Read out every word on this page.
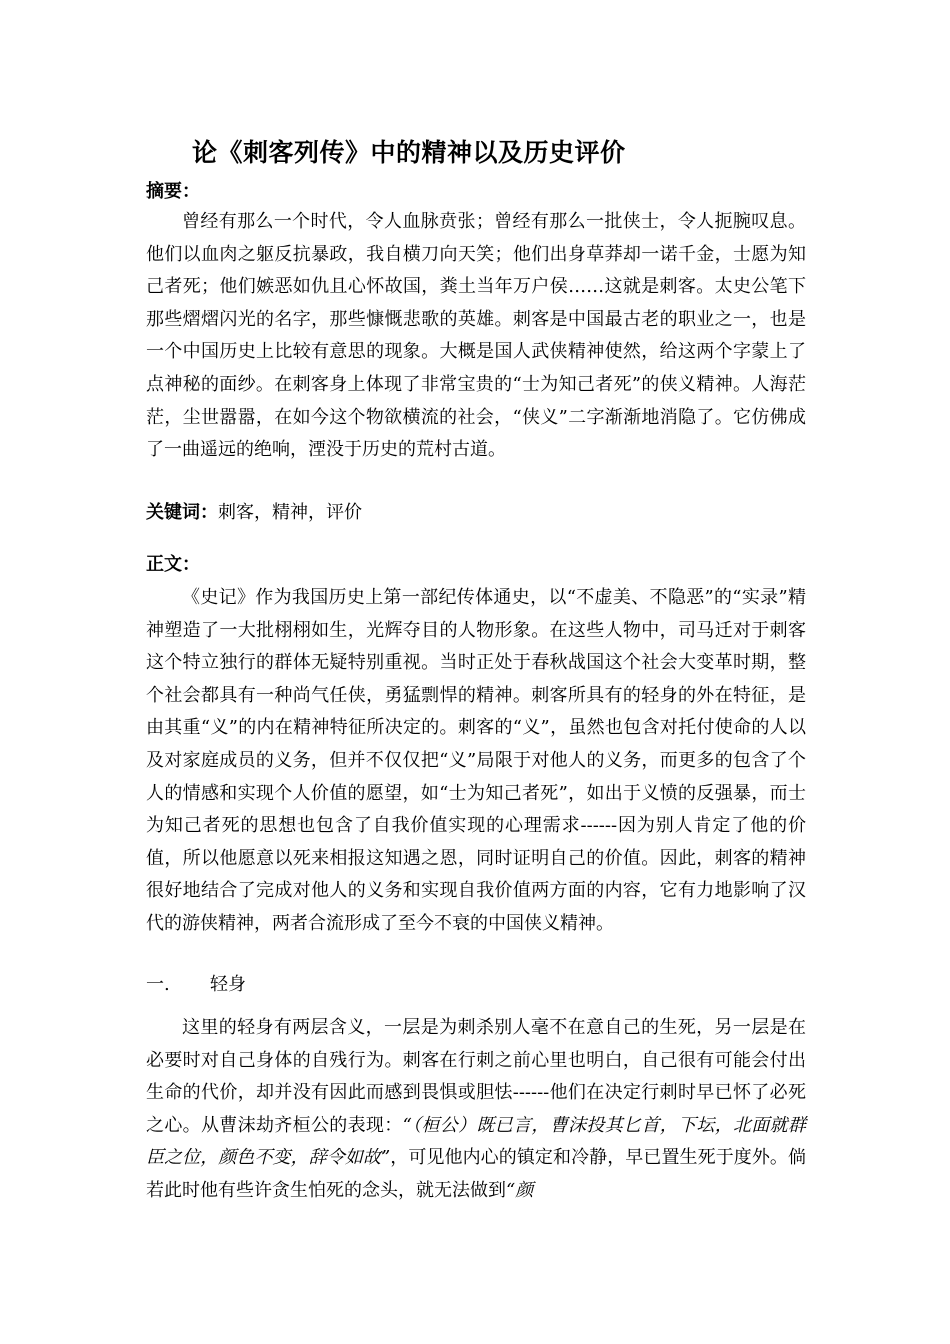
论《刺客列传》中的精神以及历史评价
摘要：

曾经有那么一个时代，令人血脉贲张；曾经有那么一批侠士，令人扼腕叹息。他们以血肉之躯反抗暴政，我自横刀向天笑；他们出身草莽却一诺千金，士愿为知己者死；他们嫉恶如仇且心怀故国，粪土当年万户侯……这就是刺客。太史公笔下那些熠熠闪光的名字，那些慷慨悲歌的英雄。刺客是中国最古老的职业之一，也是一个中国历史上比较有意思的现象。大概是国人武侠精神使然，给这两个字蒙上了点神秘的面纱。在刺客身上体现了非常宝贵的“士为知己者死”的侠义精神。人海茫茫，尘世嚣嚣，在如今这个物欲横流的社会，“侠义”二字渐渐地消隐了。它仿佛成了一曲遥远的绝响，湮没于历史的荒村古道。

关键词：刺客，精神，评价
正文：

《史记》作为我国历史上第一部纪传体通史，以“不虚美、不隐恶”的“实录”精神塑造了一大批栩栩如生，光辉夺目的人物形象。在这些人物中，司马迁对于刺客这个特立独行的群体无疑特别重视。当时正处于春秋战国这个社会大变革时期，整个社会都具有一种尚气任侠，勇猛剽悍的精神。刺客所具有的轻身的外在特征，是由其重“义”的内在精神特征所决定的。刺客的“义”，虽然也包含对托付使命的人以及对家庭成员的义务，但并不仅仅把“义”局限于对他人的义务，而更多的包含了个人的情感和实现个人价值的愿望，如“士为知己者死”，如出于义愤的反强暴，而士为知己者死的思想也包含了自我价值实现的心理需求------因为别人肯定了他的价值，所以他愿意以死来相报这知遇之恩，同时证明自己的价值。因此，刺客的精神很好地结合了完成对他人的义务和实现自我价值两方面的内容，它有力地影响了汉代的游侠精神，两者合流形成了至今不衰的中国侠义精神。

一. 轻身

这里的轻身有两层含义，一层是为刺杀别人毫不在意自己的生死，另一层是在必要时对自己身体的自残行为。刺客在行刺之前心里也明白，自己很有可能会付出生命的代价，却并没有因此而感到畏惧或胆怯------他们在决定行刺时早已怀了必死之心。从曹沫劫齐桓公的表现：“（桓公）既已言，曹沫投其匕首，下坛，北面就群臣之位，颜色不变，辞令如故”，可见他内心的镇定和冷静，早已置生死于度外。倘若此时他有些许贪生怕死的念头，就无法做到“颜
